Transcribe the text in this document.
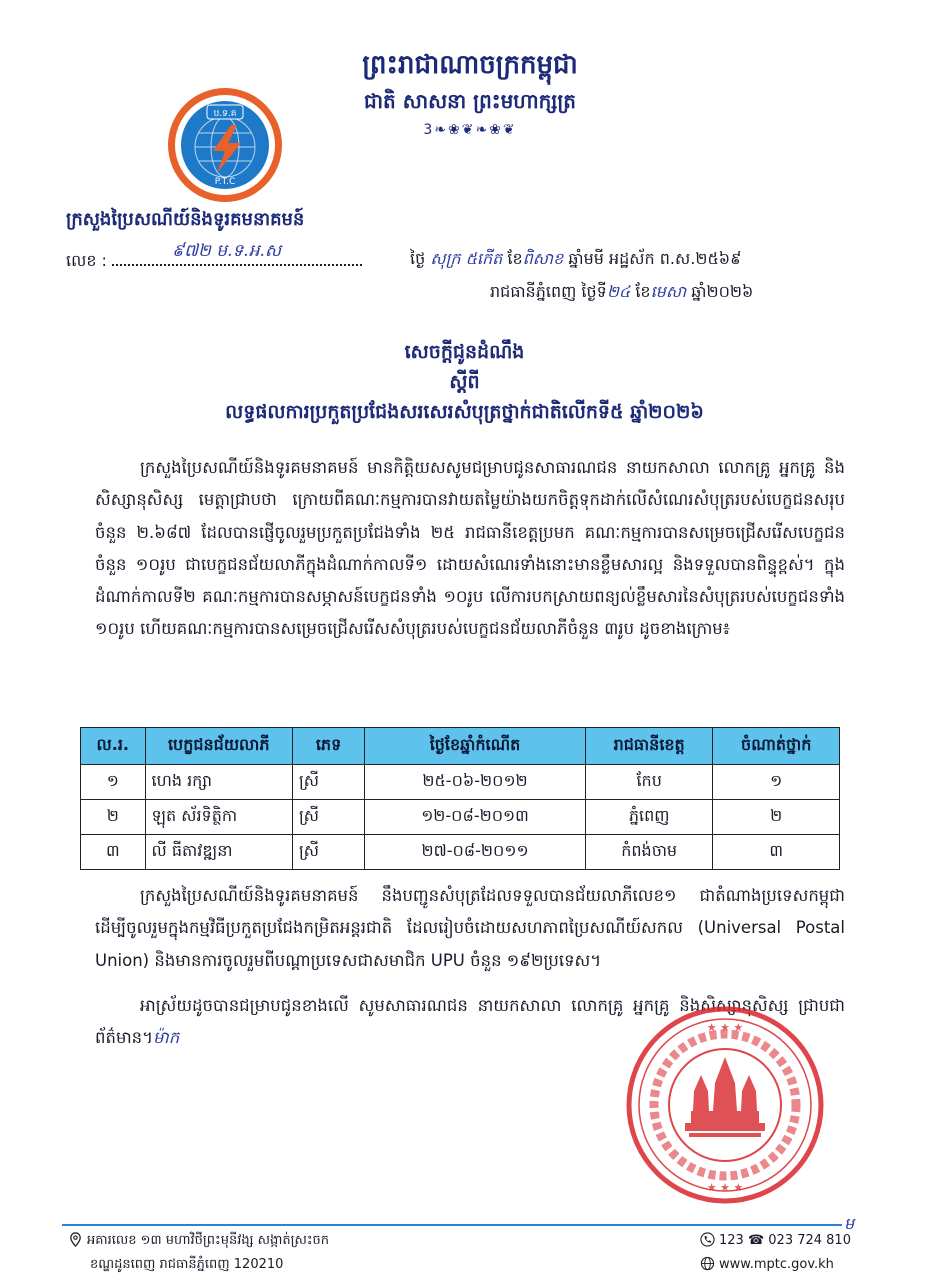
ប.ទ.គ
P.T.C
ព្រះរាជាណាចក្រកម្ពុជា
ជាតិ សាសនា ព្រះមហាក្សត្រ
3❧❀❦❧❀❦
ក្រសួងប្រៃសណីយ៍និងទូរគមនាគមន៍
លេខ :	៩៧២ ម.ទ.អ.ស	ថ្ងៃ សុក្រ ៥កើត ខែពិសាខ ឆ្នាំមមី អដ្ឋស័ក ព.ស.២៥៦៩
រាជធានីភ្នំពេញ ថ្ងៃទី២៤ ខែមេសា ឆ្នាំ២០២៦
សេចក្តីជូនដំណឹង
ស្តីពី
លទ្ធផលការប្រកួតប្រជែងសរសេរសំបុត្រថ្នាក់ជាតិលើកទី៥ ឆ្នាំ២០២៦
ក្រសួងប្រៃសណីយ៍និងទូរគមនាគមន៍ មានកិត្តិយសសូមជម្រាបជូនសាធារណជន នាយកសាលា លោកគ្រូ អ្នកគ្រូ និងសិស្សានុសិស្ស មេត្តាជ្រាបថា ក្រោយពីគណៈកម្មការបានវាយតម្លៃយ៉ាងយកចិត្តទុកដាក់លើសំណេរសំបុត្ររបស់បេក្ខជនសរុបចំនួន ២.៦៨៧ ដែលបានផ្ញើចូលរួមប្រកួតប្រជែងទាំង ២៥ រាជធានីខេត្តប្រមក គណៈកម្មការបានសម្រេចជ្រើសរើសបេក្ខជនចំនួន ១០រូប ជាបេក្ខជនជ័យលាភីក្នុងដំណាក់កាលទី១ ដោយសំណេរទាំងនោះមានខ្លឹមសារល្អ និងទទួលបានពិន្ទុខ្ពស់។ ក្នុងដំណាក់កាលទី២ គណៈកម្មការបានសម្ភាសន៍បេក្ខជនទាំង ១០រូប លើការបកស្រាយពន្យល់ខ្លឹមសារនៃសំបុត្ររបស់បេក្ខជនទាំង ១០រូប ហើយគណៈកម្មការបានសម្រេចជ្រើសរើសសំបុត្ររបស់បេក្ខជនជ័យលាភីចំនួន ៣រូប ដូចខាងក្រោម៖
ល.រ.	បេក្ខជនជ័យលាភី	ភេទ	ថ្ងៃខែឆ្នាំកំណើត	រាជធានីខេត្ត	ចំណាត់ថ្នាក់
១	ហេង រក្សា	ស្រី	២៥-០៦-២០១២	កែប	១
២	ឡុត ស័រទិត្ថិកា	ស្រី	១២-០៨-២០១៣	ភ្នំពេញ	២
៣	លី ធីតាវឌ្ឍនា	ស្រី	២៧-០៨-២០១១	កំពង់ចាម	៣
ក្រសួងប្រៃសណីយ៍និងទូរគមនាគមន៍ នឹងបញ្ជូនសំបុត្រដែលទទួលបានជ័យលាភីលេខ១ ជាតំណាងប្រទេសកម្ពុជា ដើម្បីចូលរួមក្នុងកម្មវិធីប្រកួតប្រជែងកម្រិតអន្តរជាតិ ដែលរៀបចំដោយសហភាពប្រៃសណីយ៍សកល (Universal Postal Union) និងមានការចូលរួមពីបណ្តាប្រទេសជាសមាជិក UPU ចំនួន ១៩២ប្រទេស។
អាស្រ័យដូចបានជម្រាបជូនខាងលើ សូមសាធារណជន នាយកសាលា លោកគ្រូ អ្នកគ្រូ និងសិស្សានុសិស្ស ជ្រាបជាព័ត៌មាន។ម៉ាក
★ ★ ★
★ ★ ★
ម
អគារលេខ ១៣ មហាវិថីព្រះមុនីវង្ស សង្កាត់ស្រះចក
ខណ្ឌដូនពេញ រាជធានីភ្នំពេញ 120210
123 ☎ 023 724 810
www.mptc.gov.kh
